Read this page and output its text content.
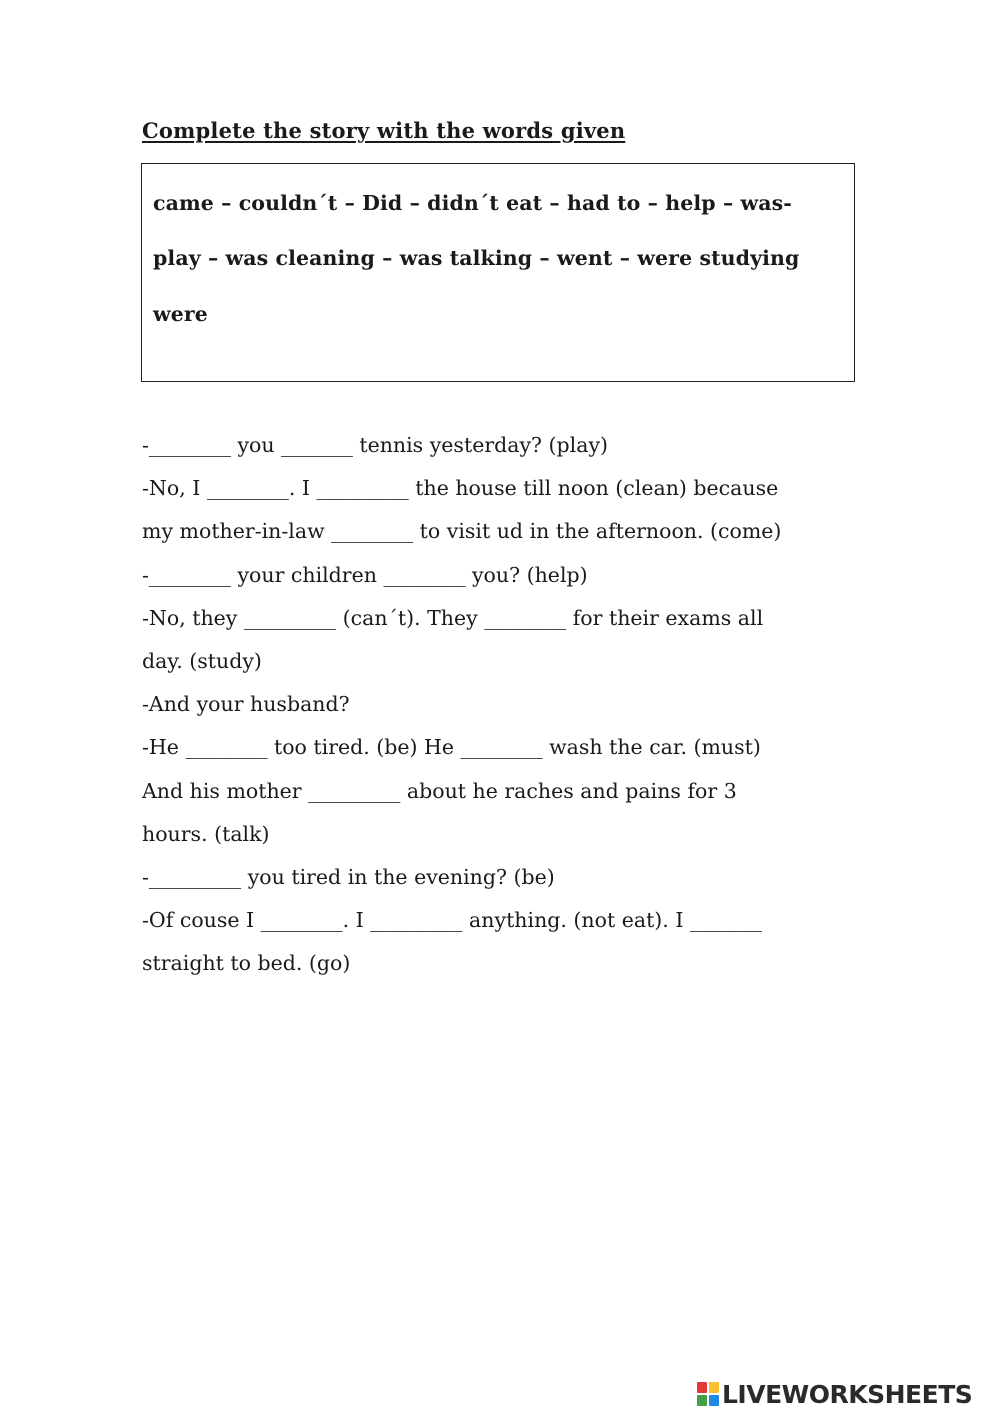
Complete the story with the words given
came – couldn´t – Did – didn´t eat – had to – help – was-
play – was cleaning – was talking – went – were studying
were
-________ you _______ tennis yesterday? (play)
-No, I ________. I _________ the house till noon (clean) because
my mother-in-law ________ to visit ud in the afternoon. (come)
-________ your children ________ you? (help)
-No, they _________ (can´t). They ________ for their exams all
day. (study)
-And your husband?
-He ________ too tired. (be) He ________ wash the car. (must)
And his mother _________ about he raches and pains for 3
hours. (talk)
-_________ you tired in the evening? (be)
-Of couse I ________. I _________ anything. (not eat). I _______
straight to bed. (go)
LIVEWORKSHEETS
